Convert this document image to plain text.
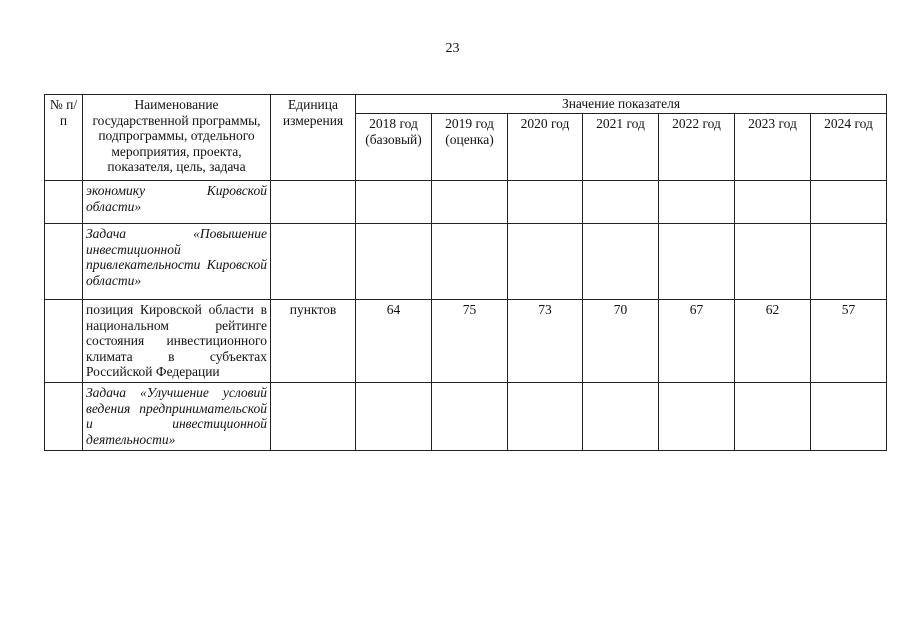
23
№ п/п	Наименование государственной программы, подпрограммы, отдельного мероприятия, проекта, показателя, цель, задача	Единица измерения	Значение показателя						
			2018 год (базовый)	2019 год (оценка)	2020 год	2021 год	2022 год	2023 год	2024 год
	экономику Кировской области»								
	Задача «Повышение инвестиционной привлекательности Кировской области»								
	позиция Кировской области в национальном рейтинге состояния инвестиционного климата в субъектах Российской Федерации	пунктов	64	75	73	70	67	62	57
	Задача «Улучшение условий ведения предпринимательской и инвестиционной деятельности»								
